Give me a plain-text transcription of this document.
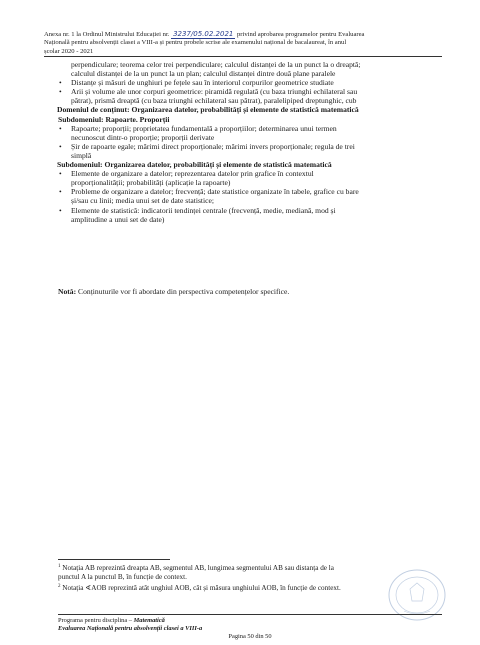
Anexa nr. 1 la Ordinul Ministrului Educației nr. 3237/05.02.2021 privind aprobarea programelor pentru Evaluarea
Națională pentru absolvenții clasei a VIII-a și pentru probele scrise ale examenului național de bacalaureat, în anul
școlar 2020 - 2021
perpendiculare; teorema celor trei perpendiculare; calculul distanței de la un punct la o dreaptă;
calculul distanței de la un punct la un plan; calculul distanței dintre două plane paralele
• Distanțe și măsuri de unghiuri pe fețele sau în interiorul corpurilor geometrice studiate
• Arii și volume ale unor corpuri geometrice: piramidă regulată (cu baza triunghi echilateral sau
pătrat), prismă dreaptă (cu baza triunghi echilateral sau pătrat), paralelipiped dreptunghic, cub
Domeniul de conținut: Organizarea datelor, probabilități și elemente de statistică matematică
Subdomeniul: Rapoarte. Proporții
• Rapoarte; proporții; proprietatea fundamentală a proporțiilor; determinarea unui termen
necunoscut dintr-o proporție; proporții derivate
• Șir de rapoarte egale; mărimi direct proporționale; mărimi invers proporționale; regula de trei
simplă
Subdomeniul: Organizarea datelor, probabilități și elemente de statistică matematică
• Elemente de organizare a datelor; reprezentarea datelor prin grafice în contextul
proporționalității; probabilități (aplicație la rapoarte)
• Probleme de organizare a datelor; frecvență; date statistice organizate în tabele, grafice cu bare
și/sau cu linii; media unui set de date statistice;
• Elemente de statistică: indicatorii tendinței centrale (frecvență, medie, mediană, mod și
amplitudine a unui set de date)
Notă: Conținuturile vor fi abordate din perspectiva competențelor specifice.
$^1$ Notația AB reprezintă dreapta AB, segmentul AB, lungimea segmentului AB sau distanța de la
punctul A la punctul B, în funcție de context.
$^2$ Notația ∢AOB reprezintă atât unghiul AOB, cât și măsura unghiului AOB, în funcție de context.
Programa pentru disciplina – Matematică
Evaluarea Națională pentru absolvenții clasei a VIII-a
Pagina 50 din 50
